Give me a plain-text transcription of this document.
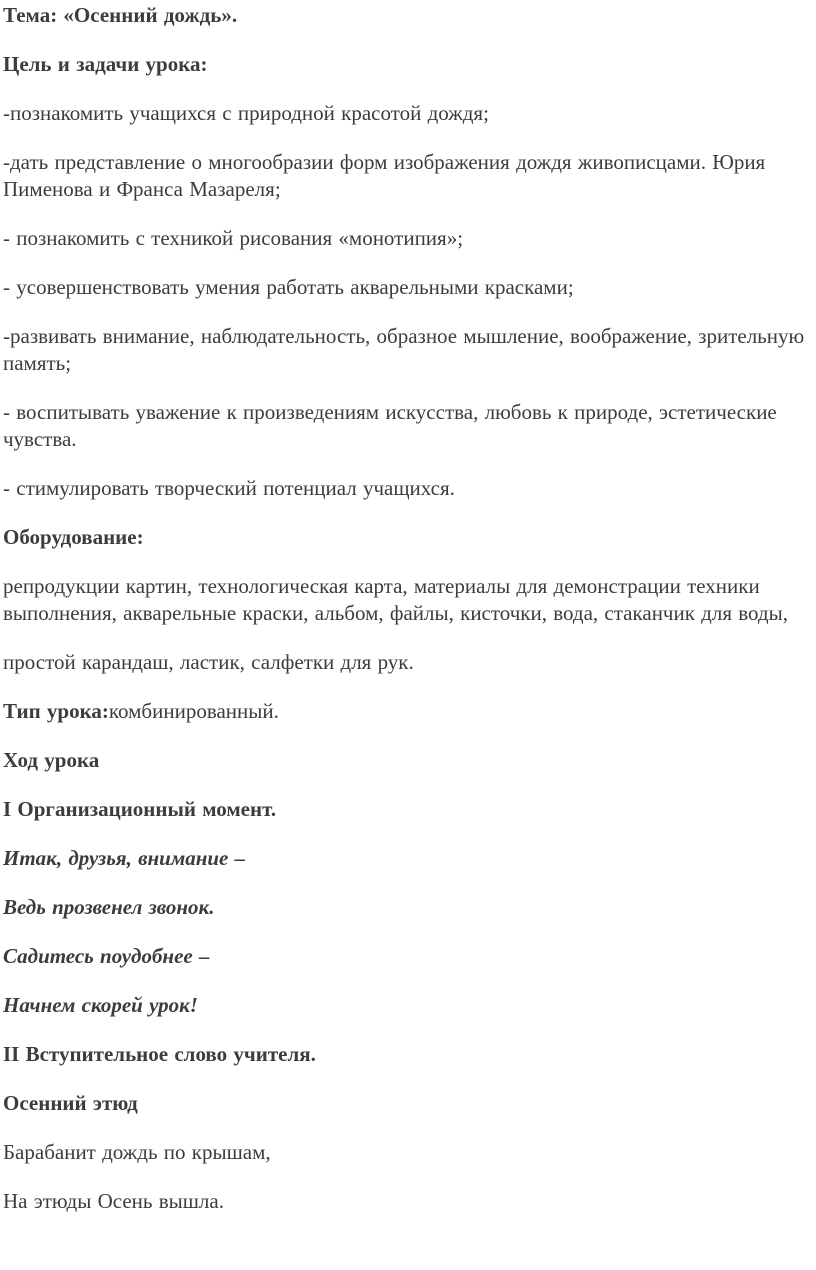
Тема: «Осенний дождь».

Цель и задачи урока:

-познакомить учащихся с природной красотой дождя;

-дать представление о многообразии форм изображения дождя живописцами. Юрия Пименова и Франса Мазареля;

- познакомить с техникой рисования «монотипия»;

- усовершенствовать умения работать акварельными красками;

-развивать внимание, наблюдательность, образное мышление, воображение, зрительную память;

- воспитывать уважение к произведениям искусства, любовь к природе, эстетические чувства.

- стимулировать творческий потенциал учащихся.

Оборудование:

репродукции картин, технологическая карта, материалы для демонстрации техники выполнения, акварельные краски, альбом, файлы, кисточки, вода, стаканчик для воды,

простой карандаш, ластик, салфетки для рук.

Тип урока:комбинированный.

Ход урока

I Организационный момент.

Итак, друзья, внимание –

Ведь прозвенел звонок.

Садитесь поудобнее –

Начнем скорей урок!

II Вступительное слово учителя.

Осенний этюд

Барабанит дождь по крышам,

На этюды Осень вышла.
